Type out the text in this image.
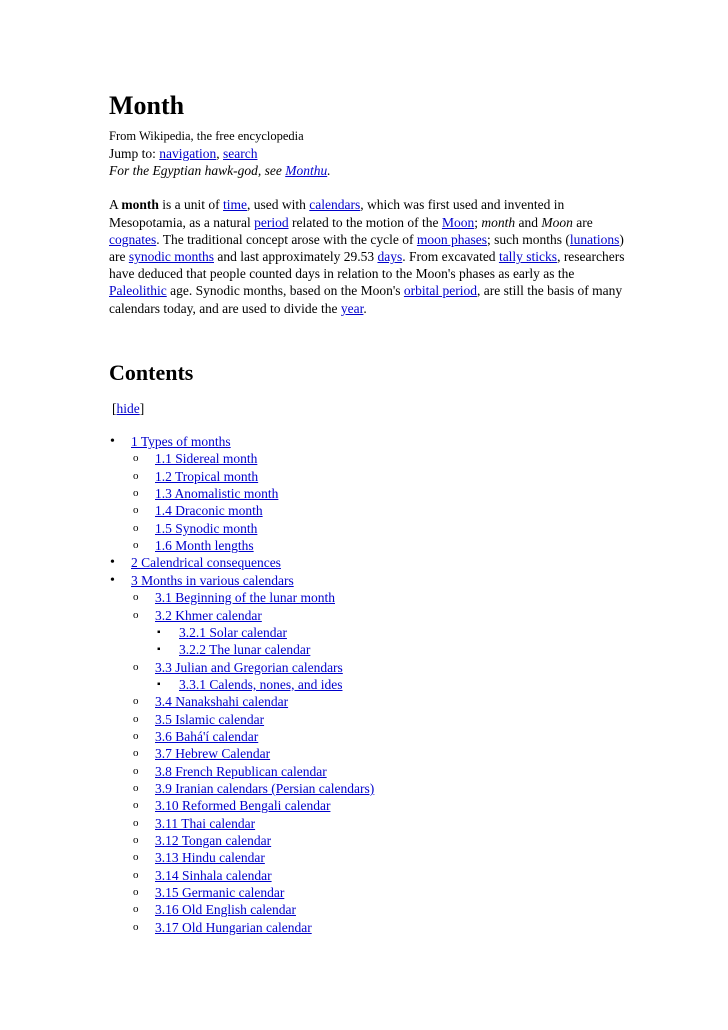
Month
From Wikipedia, the free encyclopedia
Jump to: navigation, search
For the Egyptian hawk-god, see Monthu.

A month is a unit of time, used with calendars, which was first used and invented in Mesopotamia, as a natural period related to the motion of the Moon; month and Moon are cognates. The traditional concept arose with the cycle of moon phases; such months (lunations) are synodic months and last approximately 29.53 days. From excavated tally sticks, researchers have deduced that people counted days in relation to the Moon's phases as early as the Paleolithic age. Synodic months, based on the Moon's orbital period, are still the basis of many calendars today, and are used to divide the year.

Contents
[hide]
• 1 Types of months
o 1.1 Sidereal month
o 1.2 Tropical month
o 1.3 Anomalistic month
o 1.4 Draconic month
o 1.5 Synodic month
o 1.6 Month lengths
• 2 Calendrical consequences
• 3 Months in various calendars
o 3.1 Beginning of the lunar month
o 3.2 Khmer calendar
▪ 3.2.1 Solar calendar
▪ 3.2.2 The lunar calendar
o 3.3 Julian and Gregorian calendars
▪ 3.3.1 Calends, nones, and ides
o 3.4 Nanakshahi calendar
o 3.5 Islamic calendar
o 3.6 Bahá'í calendar
o 3.7 Hebrew Calendar
o 3.8 French Republican calendar
o 3.9 Iranian calendars (Persian calendars)
o 3.10 Reformed Bengali calendar
o 3.11 Thai calendar
o 3.12 Tongan calendar
o 3.13 Hindu calendar
o 3.14 Sinhala calendar
o 3.15 Germanic calendar
o 3.16 Old English calendar
o 3.17 Old Hungarian calendar
